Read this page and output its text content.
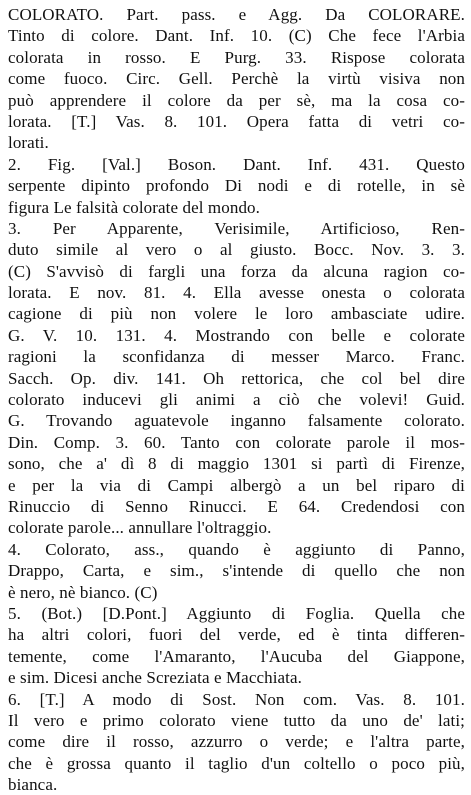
COLORATO. Part. pass. e Agg. Da COLORARE.
Tinto di colore. Dant. Inf. 10. (C) Che fece l'Arbia
colorata in rosso. E Purg. 33. Rispose colorata
come fuoco. Circ. Gell. Perchè la virtù visiva non
può apprendere il colore da per sè, ma la cosa co-
lorata. [T.] Vas. 8. 101. Opera fatta di vetri co-
lorati.
2. Fig. [Val.] Boson. Dant. Inf. 431. Questo
serpente dipinto profondo Di nodi e di rotelle, in sè
figura Le falsità colorate del mondo.
3. Per Apparente, Verisimile, Artificioso, Ren-
duto simile al vero o al giusto. Bocc. Nov. 3. 3.
(C) S'avvisò di fargli una forza da alcuna ragion co-
lorata. E nov. 81. 4. Ella avesse onesta o colorata
cagione di più non volere le loro ambasciate udire.
G. V. 10. 131. 4. Mostrando con belle e colorate
ragioni la sconfidanza di messer Marco. Franc.
Sacch. Op. div. 141. Oh rettorica, che col bel dire
colorato inducevi gli animi a ciò che volevi! Guid.
G. Trovando aguatevole inganno falsamente colorato.
Din. Comp. 3. 60. Tanto con colorate parole il mos-
sono, che a' dì 8 di maggio 1301 si partì di Firenze,
e per la via di Campi albergò a un bel riparo di
Rinuccio di Senno Rinucci. E 64. Credendosi con
colorate parole... annullare l'oltraggio.
4. Colorato, ass., quando è aggiunto di Panno,
Drappo, Carta, e sim., s'intende di quello che non
è nero, nè bianco. (C)
5. (Bot.) [D.Pont.] Aggiunto di Foglia. Quella che
ha altri colori, fuori del verde, ed è tinta differen-
temente, come l'Amaranto, l'Aucuba del Giappone,
e sim. Dicesi anche Screziata e Macchiata.
6. [T.] A modo di Sost. Non com. Vas. 8. 101.
Il vero e primo colorato viene tutto da uno de' lati;
come dire il rosso, azzurro o verde; e l'altra parte,
che è grossa quanto il taglio d'un coltello o poco più,
bianca.
